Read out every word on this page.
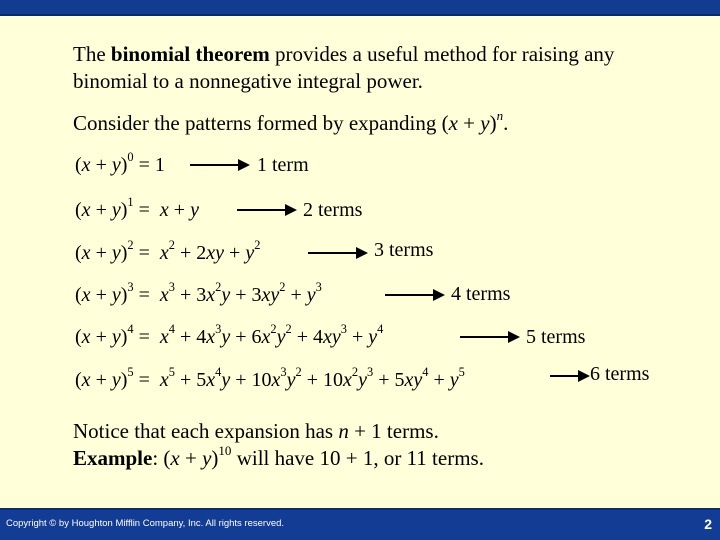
The binomial theorem provides a useful method for raising any
binomial to a nonnegative integral power.
Consider the patterns formed by expanding $(x + y)^n$.
$(x + y)^0 = 1$	1 term
$(x + y)^1 = x + y$	2 terms
$(x + y)^2 = x^2 + 2xy + y^2$	3 terms
$(x + y)^3 = x^3 + 3x^2y + 3xy^2 + y^3$	4 terms
$(x + y)^4 = x^4 + 4x^3y + 6x^2y^2 + 4xy^3 + y^4$	5 terms
$(x + y)^5 = x^5 + 5x^4y + 10x^3y^2 + 10x^2y^3 + 5xy^4 + y^5$	6 terms
Notice that each expansion has n + 1 terms.
Example: $(x + y)^{10}$ will have 10 + 1, or 11 terms.
Copyright © by Houghton Mifflin Company, Inc. All rights reserved.	2
